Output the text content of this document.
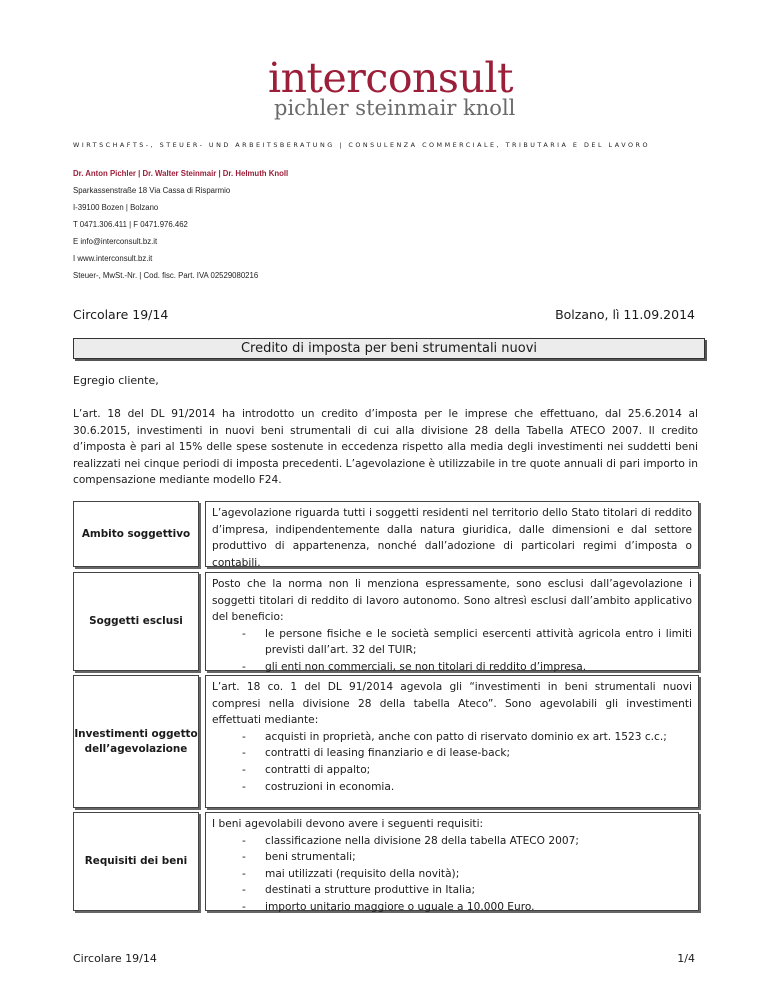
interconsult
pichler steinmair knoll
WIRTSCHAFTS-, STEUER- UND ARBEITSBERATUNG | CONSULENZA COMMERCIALE, TRIBUTARIA E DEL LAVORO
Dr. Anton Pichler | Dr. Walter Steinmair | Dr. Helmuth Knoll
Sparkassenstraße 18 Via Cassa di Risparmio
I-39100 Bozen | Bolzano
T 0471.306.411 | F 0471.976.462
E info@interconsult.bz.it
I www.interconsult.bz.it
Steuer-, MwSt.-Nr. | Cod. fisc. Part. IVA 02529080216
Circolare 19/14	Bolzano, lì 11.09.2014
Credito di imposta per beni strumentali nuovi
Egregio cliente,
L’art. 18 del DL 91/2014 ha introdotto un credito d’imposta per le imprese che effettuano, dal 25.6.2014 al 30.6.2015, investimenti in nuovi beni strumentali di cui alla divisione 28 della Tabella ATECO 2007. Il credito d’imposta è pari al 15% delle spese sostenute in eccedenza rispetto alla media degli investimenti nei suddetti beni realizzati nei cinque periodi di imposta precedenti. L’agevolazione è utilizzabile in tre quote annuali di pari importo in compensazione mediante modello F24.
Ambito soggettivo
L’agevolazione riguarda tutti i soggetti residenti nel territorio dello Stato titolari di reddito d’impresa, indipendentemente dalla natura giuridica, dalle dimensioni e dal settore produttivo di appartenenza, nonché dall’adozione di particolari regimi d’imposta o contabili.
Soggetti esclusi
Posto che la norma non li menziona espressamente, sono esclusi dall’agevolazione i soggetti titolari di reddito di lavoro autonomo. Sono altresì esclusi dall’ambito applicativo del beneficio:
- le persone fisiche e le società semplici esercenti attività agricola entro i limiti previsti dall’art. 32 del TUIR;
- gli enti non commerciali, se non titolari di reddito d’impresa.
Investimenti oggetto dell’agevolazione
L’art. 18 co. 1 del DL 91/2014 agevola gli “investimenti in beni strumentali nuovi compresi nella divisione 28 della tabella Ateco”. Sono agevolabili gli investimenti effettuati mediante:
- acquisti in proprietà, anche con patto di riservato dominio ex art. 1523 c.c.;
- contratti di leasing finanziario e di lease-back;
- contratti di appalto;
- costruzioni in economia.
Requisiti dei beni
I beni agevolabili devono avere i seguenti requisiti:
- classificazione nella divisione 28 della tabella ATECO 2007;
- beni strumentali;
- mai utilizzati (requisito della novità);
- destinati a strutture produttive in Italia;
- importo unitario maggiore o uguale a 10.000 Euro.
Circolare 19/14	1/4
